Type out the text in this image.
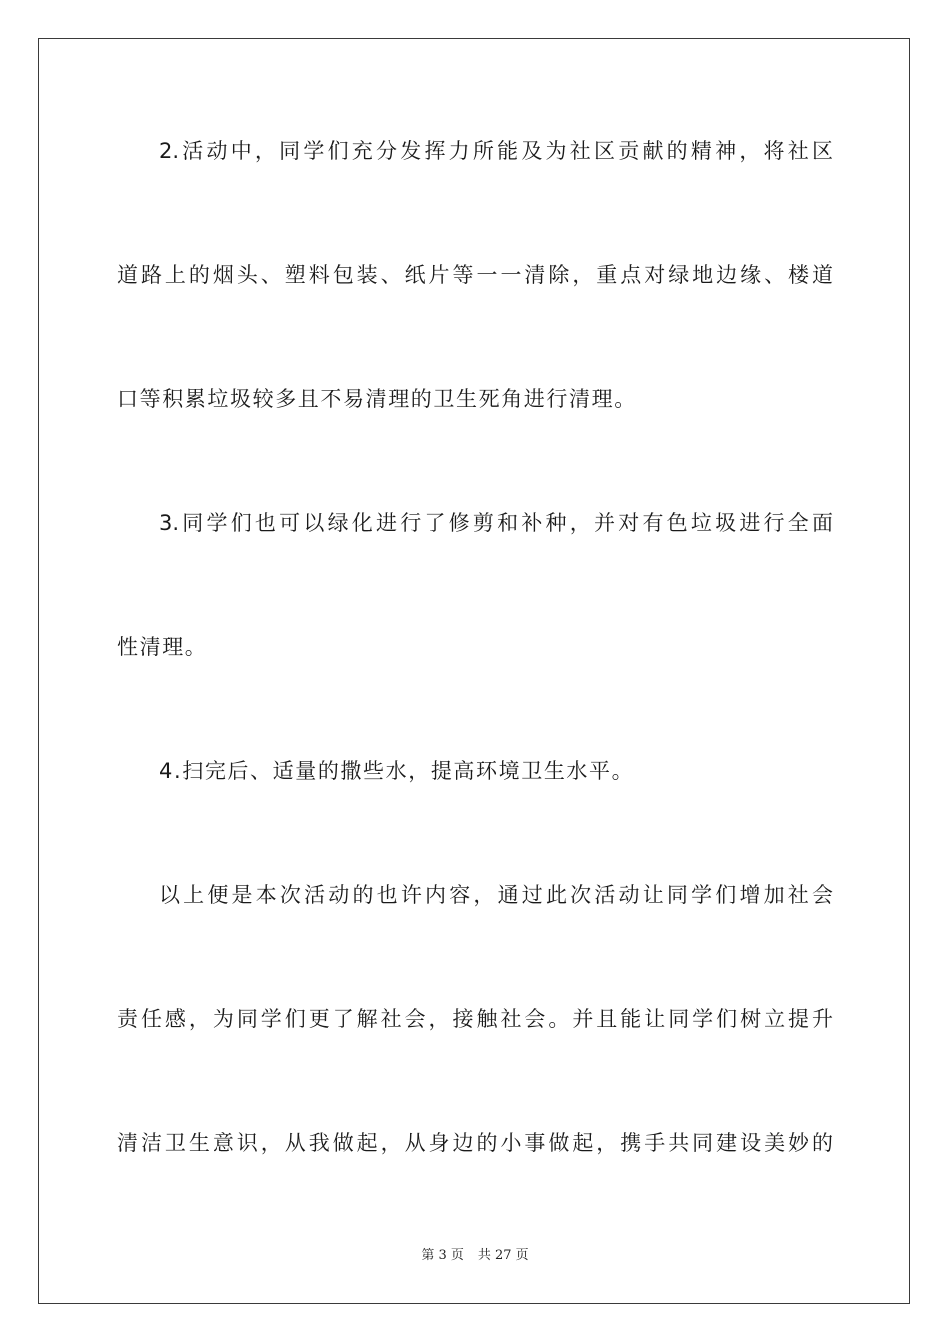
2.活动中，同学们充分发挥力所能及为社区贡献的精神，将社区
道路上的烟头、塑料包装、纸片等一一清除，重点对绿地边缘、楼道
口等积累垃圾较多且不易清理的卫生死角进行清理。
3.同学们也可以绿化进行了修剪和补种，并对有色垃圾进行全面
性清理。
4.扫完后、适量的撒些水，提高环境卫生水平。
以上便是本次活动的也许内容，通过此次活动让同学们增加社会
责任感，为同学们更了解社会，接触社会。并且能让同学们树立提升
清洁卫生意识，从我做起，从身边的小事做起，携手共同建设美妙的
第 3 页 共 27 页
